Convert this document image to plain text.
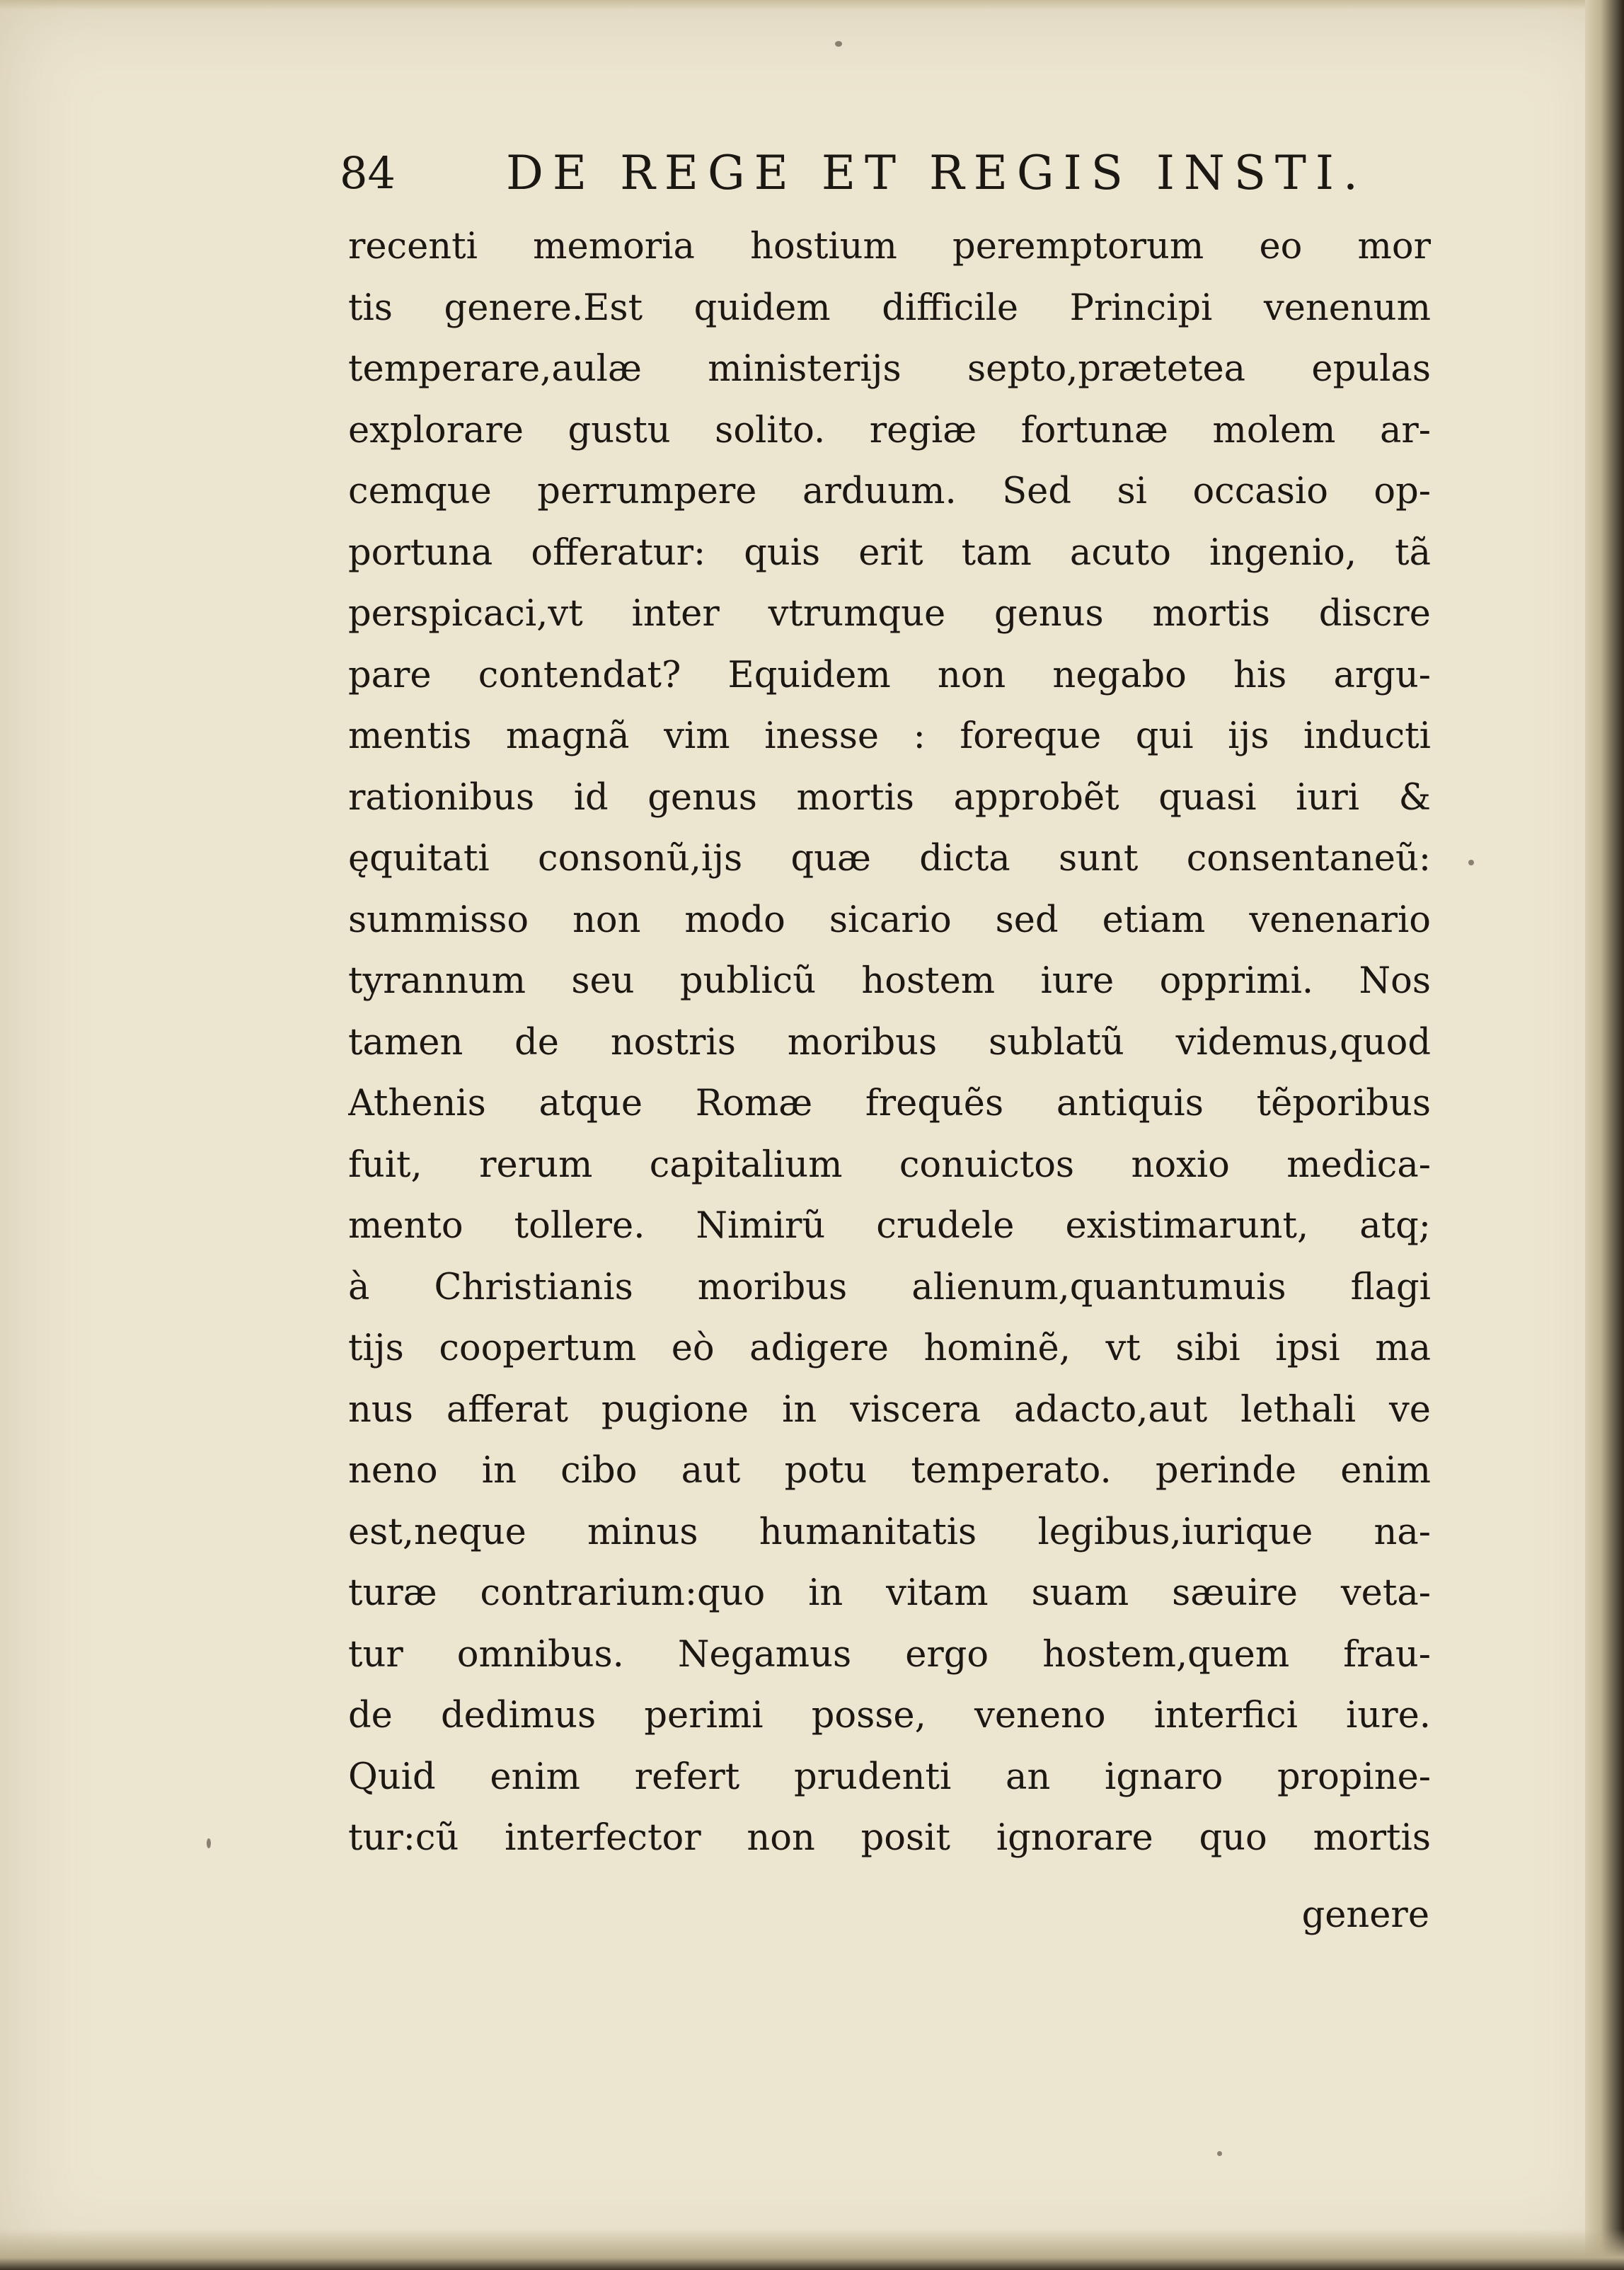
84 DE REGE ET REGIS INSTI.
recenti memoria hostium peremptorum eo mor
tis genere.Est quidem difficile Principi venenum
temperare,aulæ ministerijs septo,prætetea epulas
explorare gustu solito. regiæ fortunæ molem ar-
cemque perrumpere arduum. Sed si occasio op-
portuna offeratur: quis erit tam acuto ingenio, tã
perspicaci,vt inter vtrumque genus mortis discre
pare contendat? Equidem non negabo his argu-
mentis magnã vim inesse : foreque qui ijs inducti
rationibus id genus mortis approbẽt quasi iuri &
ęquitati consonũ,ijs quæ dicta sunt consentaneũ:
summisso non modo sicario sed etiam venenario
tyrannum seu publicũ hostem iure opprimi. Nos
tamen de nostris moribus sublatũ videmus,quod
Athenis atque Romæ frequẽs antiquis tẽporibus
fuit, rerum capitalium conuictos noxio medica-
mento tollere. Nimirũ crudele existimarunt, atq;
à Christianis moribus alienum,quantumuis flagi
tijs coopertum eò adigere hominẽ, vt sibi ipsi ma
nus afferat pugione in viscera adacto,aut lethali ve
neno in cibo aut potu temperato. perinde enim
est,neque minus humanitatis legibus,iurique na-
turæ contrarium:quo in vitam suam sæuire veta-
tur omnibus. Negamus ergo hostem,quem frau-
de dedimus perimi posse, veneno interfici iure.
Quid enim refert prudenti an ignaro propine-
tur:cũ interfector non posit ignorare quo mortis
genere
